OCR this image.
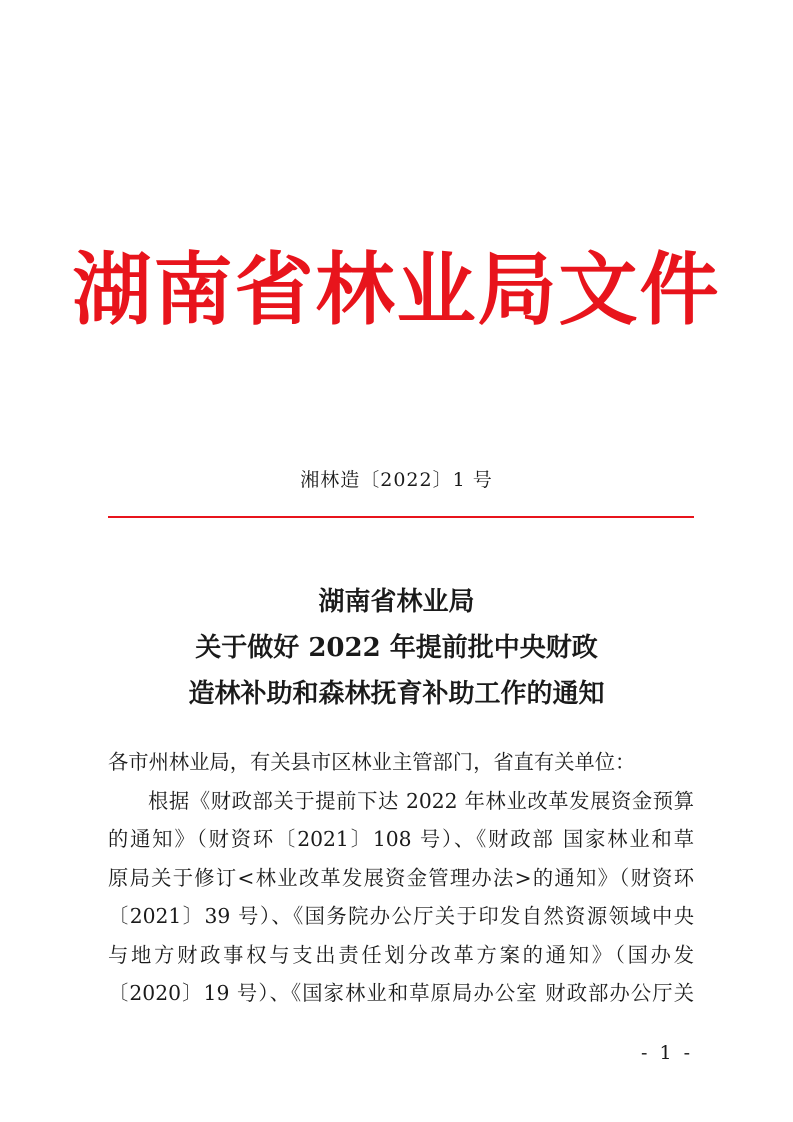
湖南省林业局文件
湘林造〔2022〕1 号
湖南省林业局
关于做好 2022 年提前批中央财政
造林补助和森林抚育补助工作的通知
各市州林业局，有关县市区林业主管部门，省直有关单位：
根据《财政部关于提前下达 2022 年林业改革发展资金预算
的通知》（财资环〔2021〕108 号）、《财政部 国家林业和草
原局关于修订<林业改革发展资金管理办法>的通知》（财资环
〔2021〕39 号）、《国务院办公厅关于印发自然资源领域中央
与地方财政事权与支出责任划分改革方案的通知》（国办发
〔2020〕19 号）、《国家林业和草原局办公室 财政部办公厅关
- 1 -
